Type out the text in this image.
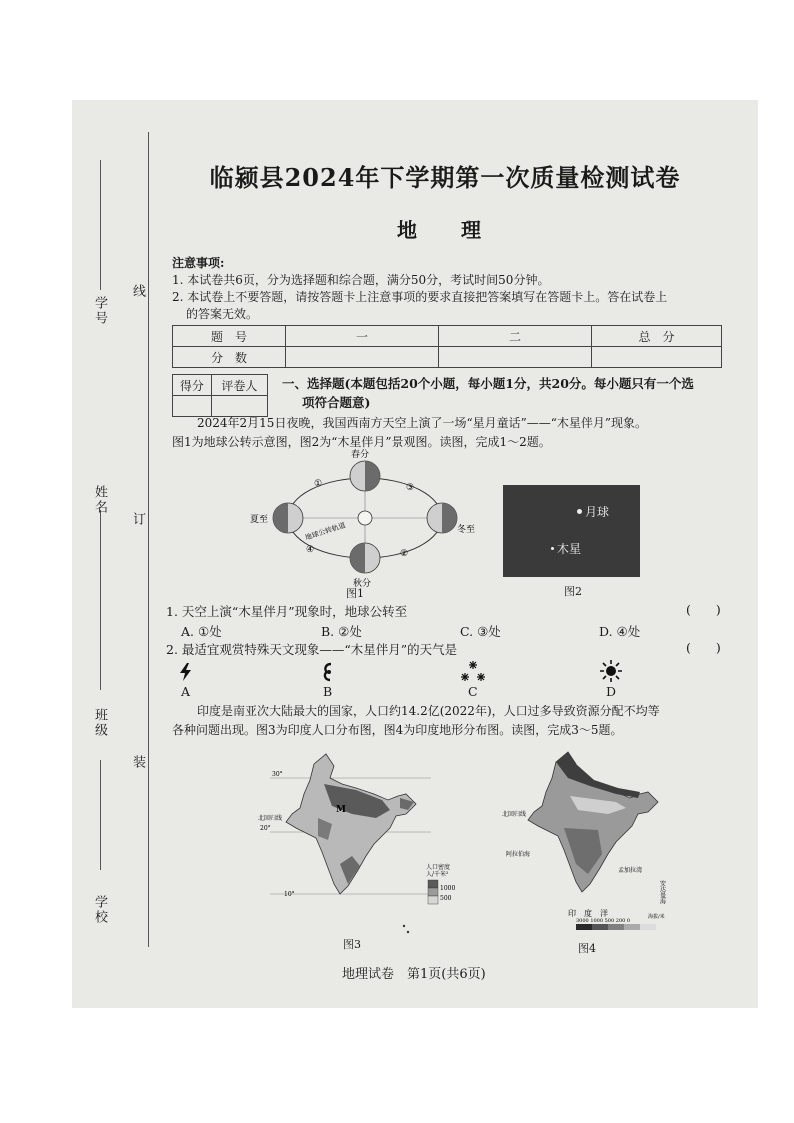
学号
姓名
班级
学校
线
订
装
临颍县2024年下学期第一次质量检测试卷
地　理
注意事项:
1. 本试卷共6页，分为选择题和综合题，满分50分，考试时间50分钟。
2. 本试卷上不要答题，请按答题卡上注意事项的要求直接把答案填写在答题卡上。答在试卷上
的答案无效。
题　号	一	二	总　分
分　数			
得分	评卷人
	一、选择题(本题包括20个小题，每小题1分，共20分。每小题只有一个选
项符合题意)
2024年2月15日夜晚，我国西南方天空上演了一场“星月童话”——“木星伴月”现象。
图1为地球公转示意图，图2为“木星伴月”景观图。读图，完成1～2题。
春分
夏至
冬至
秋分
①
②
③
④
地球公转轨道
图1
月球
木星
图2
1. 天空上演“木星伴月”现象时，地球公转至	(　　)
A. ①处	B. ②处	C. ③处	D. ④处
2. 最适宜观赏特殊天文现象——“木星伴月”的天气是	(　　)
A	B	C	D
印度是南亚次大陆最大的国家，人口约14.2亿(2022年)，人口过多导致资源分配不均等
各种问题出现。图3为印度人口分布图，图4为印度地形分布图。读图，完成3～5题。
30°
20°
10°
北回归线
M
人口密度
人/千米²
1000
500
图3
北回归线
阿拉伯海
孟加拉湾
印　度　洋
安达曼海
海拔/米
3000 1000 500 200 0
图4
地理试卷　第1页(共6页)
